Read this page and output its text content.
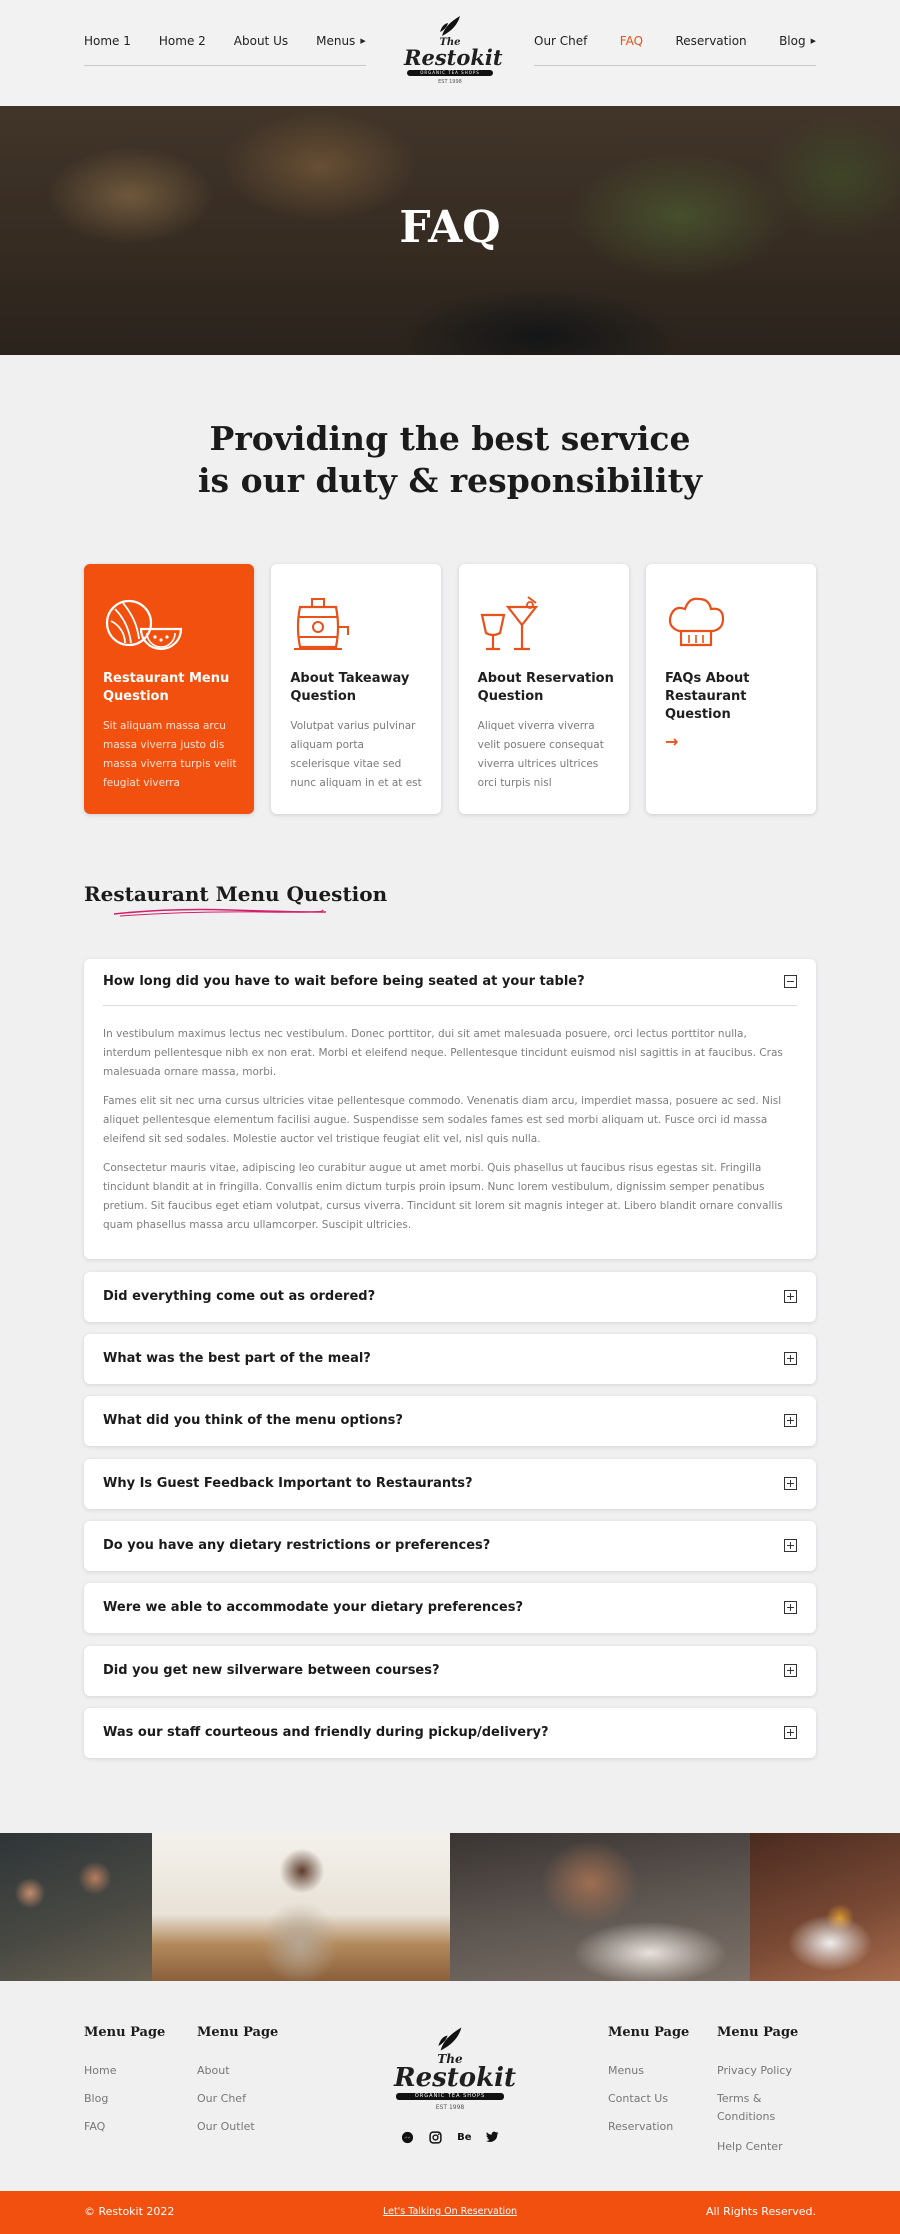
Home 1 Home 2 About Us Menus ▶	The
Restokit
ORGANIC TEA SHOPS
EST 1998
Our Chef	FAQ	Reservation	Blog ▶
FAQ
Providing the best service
is our duty & responsibility
Restaurant Menu Question
Sit aliquam massa arcu massa viverra justo dis massa viverra turpis velit feugiat viverra
About Takeaway Question
Volutpat varius pulvinar aliquam porta scelerisque vitae sed nunc aliquam in et at est
About Reservation Question
Aliquet viverra viverra velit posuere consequat viverra ultrices ultrices orci turpis nisl
FAQs About Restaurant Question
→
Restaurant Menu Question
How long did you have to wait before being seated at your table?

In vestibulum maximus lectus nec vestibulum. Donec porttitor, dui sit amet malesuada posuere, orci lectus porttitor nulla, interdum pellentesque nibh ex non erat. Morbi et eleifend neque. Pellentesque tincidunt euismod nisl sagittis in at faucibus. Cras malesuada ornare massa, morbi.

Fames elit sit nec urna cursus ultricies vitae pellentesque commodo. Venenatis diam arcu, imperdiet massa, posuere ac sed. Nisl aliquet pellentesque elementum facilisi augue. Suspendisse sem sodales fames est sed morbi aliquam ut. Fusce orci id massa eleifend sit sed sodales. Molestie auctor vel tristique feugiat elit vel, nisl quis nulla.

Consectetur mauris vitae, adipiscing leo curabitur augue ut amet morbi. Quis phasellus ut faucibus risus egestas sit. Fringilla tincidunt blandit at in fringilla. Convallis enim dictum turpis proin ipsum. Nunc lorem vestibulum, dignissim semper penatibus pretium. Sit faucibus eget etiam volutpat, cursus viverra. Tincidunt sit lorem sit magnis integer at. Libero blandit ornare convallis quam phasellus massa arcu ullamcorper. Suscipit ultricies.

Did everything come out as ordered?
What was the best part of the meal?
What did you think of the menu options?
Why Is Guest Feedback Important to Restaurants?
Do you have any dietary restrictions or preferences?
Were we able to accommodate your dietary preferences?
Did you get new silverware between courses?
Was our staff courteous and friendly during pickup/delivery?
Menu Page
Home
Blog
FAQ
Menu Page
About
Our Chef
Our Outlet
The
Restokit
ORGANIC TEA SHOPS
EST 1998
Be
Menu Page
Menus
Contact Us
Reservation
Menu Page
Privacy Policy
Terms & Conditions
Help Center
© Restokit 2022	Let's Talking On Reservation	All Rights Reserved.
